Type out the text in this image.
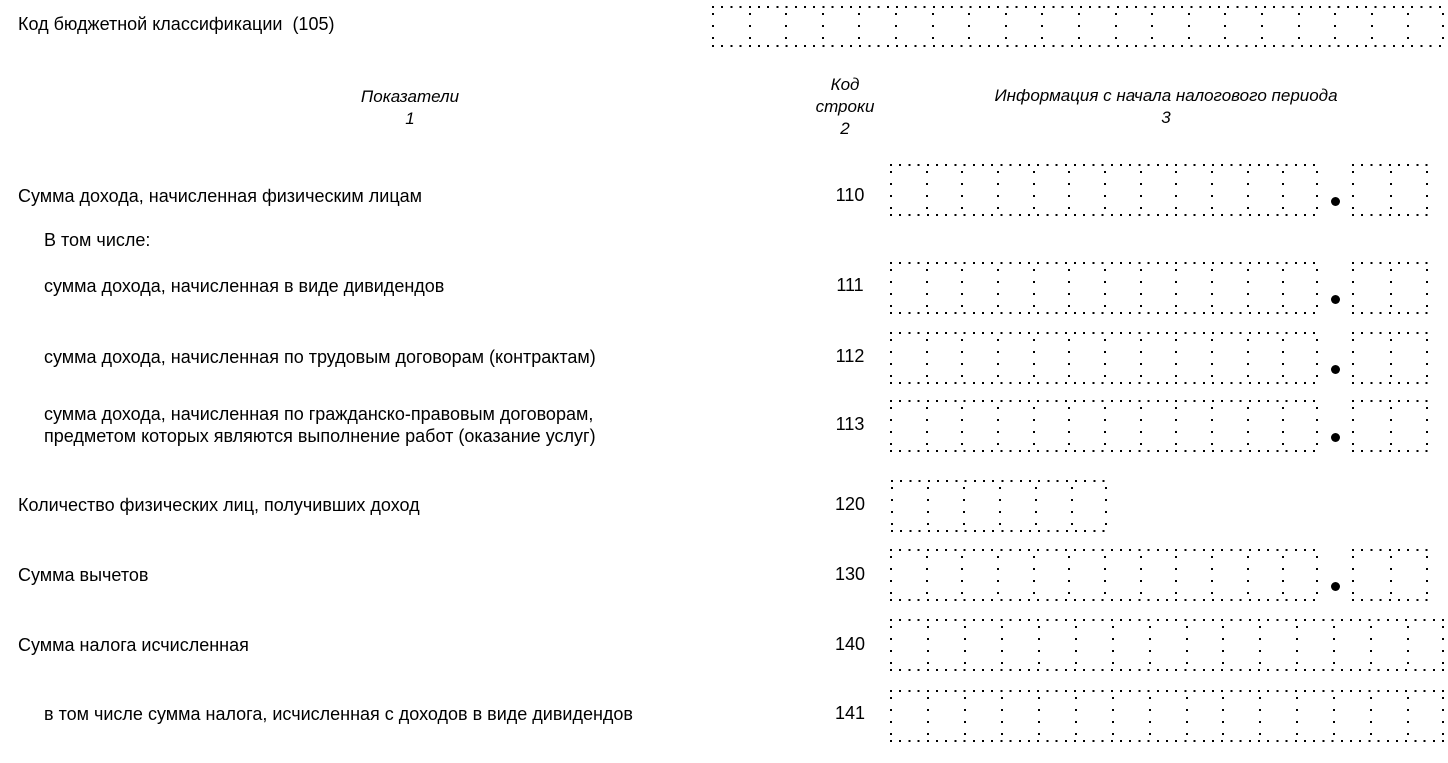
Код бюджетной классификации  (105)
Показатели
1
Код строки
2
Информация с начала налогового периода
3
Сумма дохода, начисленная физическим лицам	110
В том числе:
сумма дохода, начисленная в виде дивидендов	111
сумма дохода, начисленная по трудовым договорам (контрактам)	112
сумма дохода, начисленная по гражданско-правовым договорам,
предметом которых являются выполнение работ (оказание услуг)
113
Количество физических лиц, получивших доход	120
Сумма вычетов	130
Сумма налога исчисленная	140
в том числе сумма налога, исчисленная с доходов в виде дивидендов	141
